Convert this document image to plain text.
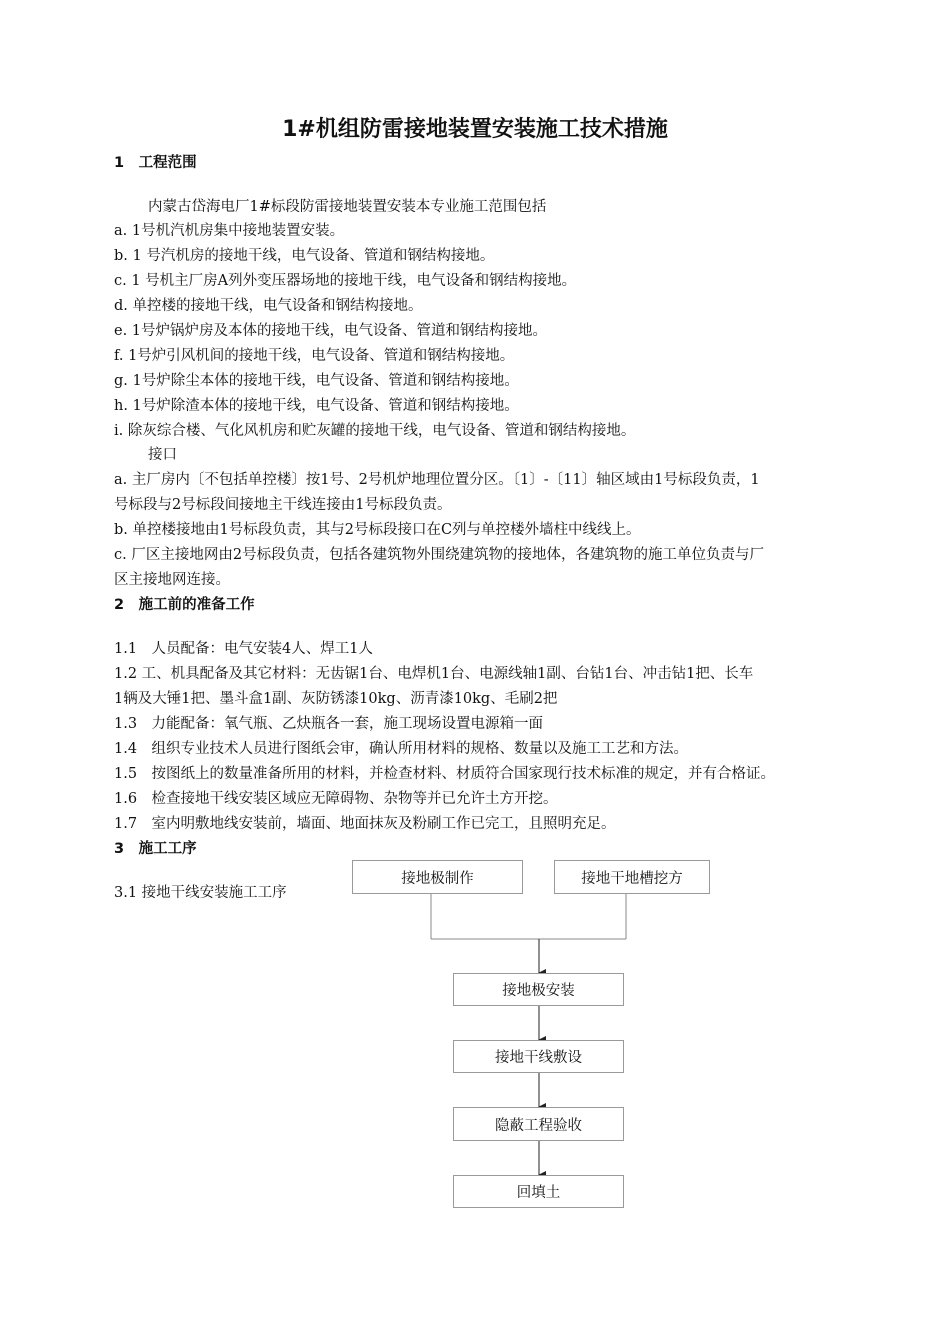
1#机组防雷接地装置安装施工技术措施
1　工程范围
内蒙古岱海电厂1#标段防雷接地装置安装本专业施工范围包括
a. 1号机汽机房集中接地装置安装。
b. 1 号汽机房的接地干线，电气设备、管道和钢结构接地。
c. 1 号机主厂房A列外变压器场地的接地干线，电气设备和钢结构接地。
d. 单控楼的接地干线，电气设备和钢结构接地。
e. 1号炉锅炉房及本体的接地干线，电气设备、管道和钢结构接地。
f. 1号炉引风机间的接地干线，电气设备、管道和钢结构接地。
g. 1号炉除尘本体的接地干线，电气设备、管道和钢结构接地。
h. 1号炉除渣本体的接地干线，电气设备、管道和钢结构接地。
i. 除灰综合楼、气化风机房和贮灰罐的接地干线，电气设备、管道和钢结构接地。
接口
a. 主厂房内〔不包括单控楼〕按1号、2号机炉地理位置分区。〔1〕-〔11〕轴区域由1号标段负责，1
号标段与2号标段间接地主干线连接由1号标段负责。
b. 单控楼接地由1号标段负责，其与2号标段接口在C列与单控楼外墙柱中线线上。
c. 厂区主接地网由2号标段负责，包括各建筑物外围绕建筑物的接地体，各建筑物的施工单位负责与厂
区主接地网连接。
2　施工前的准备工作
1.1　人员配备：电气安装4人、焊工1人
1.2 工、机具配备及其它材料：无齿锯1台、电焊机1台、电源线轴1副、台钻1台、冲击钻1把、长车
1辆及大锤1把、墨斗盒1副、灰防锈漆10kg、沥青漆10kg、毛刷2把
1.3　力能配备：氧气瓶、乙炔瓶各一套，施工现场设置电源箱一面
1.4　组织专业技术人员进行图纸会审，确认所用材料的规格、数量以及施工工艺和方法。
1.5　按图纸上的数量准备所用的材料，并检查材料、材质符合国家现行技术标准的规定，并有合格证。
1.6　检查接地干线安装区域应无障碍物、杂物等并已允许土方开挖。
1.7　室内明敷地线安装前，墙面、地面抹灰及粉刷工作已完工，且照明充足。
3　施工工序
3.1 接地干线安装施工工序
接地极制作	接地干地槽挖方
接地极安装
接地干线敷设
隐蔽工程验收
回填土
